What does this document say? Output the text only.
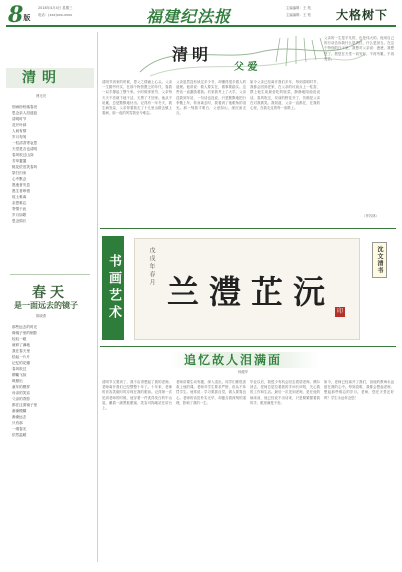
8版
2018年4月4日 星期三
电话：(xxx)xxx-xxxx	福建纪法报	主编编辑：王 苑
主编编辑：王 苑 大格树下
清明
傅光亮
细雨纷纷落春田
思念亲人泪涟涟
清明时节
花开叶绿
人间有情
岁月匆匆
一柱清香寄哀思
天堂是否也清明
春风吹过山岗
芳草萋萋
桃花依旧笑春风
祭扫归来
心中默念
愿逝者安息
愿生者珍惜
故土难离
亲恩难忘
寄情于此
岁月如歌
思念绵长
春天
是一面远去的镜子
陈晓燕
那些远去的时光
像镜子里的倒影
轻轻一碰
就碎了满地
我在春天里
拾起一片片
记忆的花瓣
春风吹过
柳絮飞扬
映照出
童年的模样
母亲的笑容
父亲的背影
都在这面镜子里
渐渐模糊
渐渐远去
只有那
一缕春光
依然温暖
清明
父 爱
清明节到来的时候，思父之情涌上心头。父亲一生勤劳朴实，在那个物资匮乏的年代，靠着一双手撑起了整个家。小时候家里穷，父亲每天天不亮就下地干活，天黑了才回家。他从不说累，总是默默地付出。记得有一年冬天，我生病发烧，父亲背着我走了十几里山路去镇上看病，那一夜的风雪我至今难忘。
父亲虽然没有读过多少书，却懂得很多做人的道理。他常说：做人要实在，做事要踏实。这些话一直激励着我。后来我考上了大学，父亲送我到车站，一句话也没说，只是默默地把行李搬上车，转身离去时，我看到了他眼角的泪光。那一刻我才明白，父爱如山，深沉而无言。
如今父亲已经离开我们多年，每到清明时节，我都会回到老家，在父亲的坟前点上一柱香，摆上他生前最爱吃的饭菜，静静地陪他说说话。春风吹过，坟前的野花开了，仿佛是父亲在对我微笑。我知道，父亲一直都在，在我的心里，在我走过的每一条路上。
父亲的一生是平凡的，也是伟大的。他用自己的行动告诉我什么是责任，什么是担当。在这个特别的日子里，我想对父亲说：爸爸，我想您了。愿您在天堂一切安好，不再劳累，不再受苦。
（李苏林）
书画艺术	戊戌年春月
兰澧芷沅
印
沈文清书
追忆故人泪满面
杨健华
清明节又要到了，我不由得想起了我的老师。老师离开我们已经整整十年了。十年来，老师的音容笑貌时时浮现在我的眼前。记得第一次见到老师的时候，他穿着一件洗得发白的中山装，戴着一副黑框眼镜，笑容可掬地站在讲台上。
老师讲课生动有趣，深入浅出，同学们都很喜欢上他的课。老师对学生要求严格，但从不体罚学生。他常说：学习要靠自觉，做人要靠良心。老师的话语朴实无华，却蕴含着深刻的道理，影响了我的一生。
毕业以后，我很少有机会回去看望老师。偶尔回去，老师总是拉着我的手问长问短，关心我的工作和生活。最后一次见到老师，是在他的病床前，他已经说不出话来，只是紧紧握着我的手，眼里满是不舍。
如今，老师已经离开了我们，但他的教诲永远留在我的心中。每到清明，我都会想起老师，想起那些难忘的岁月。老师，您在天堂还好吗？学生永远怀念您！
